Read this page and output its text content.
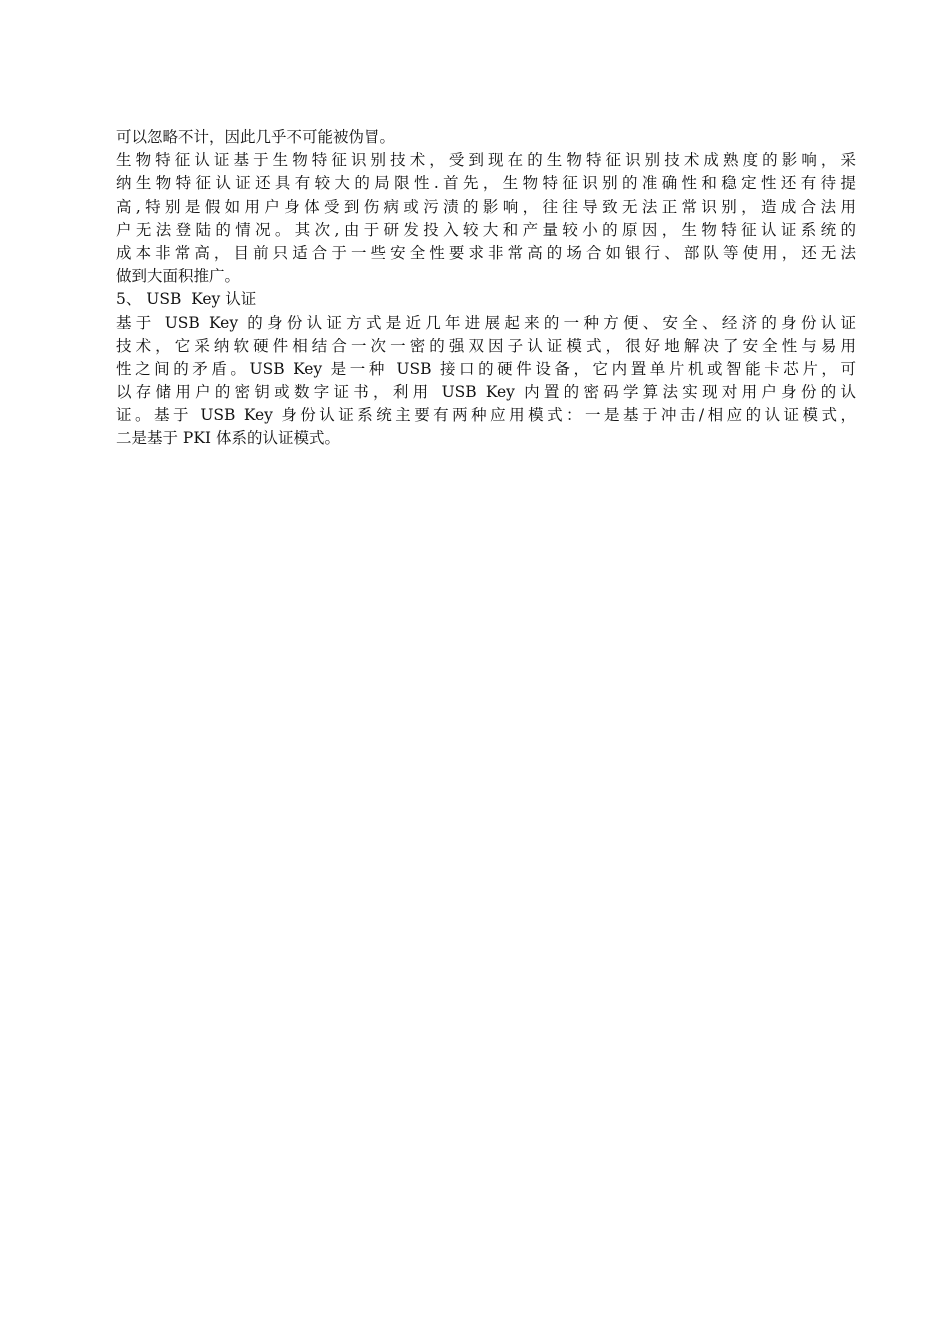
可以忽略不计，因此几乎不可能被伪冒。
生物特征认证基于生物特征识别技术，受到现在的生物特征识别技术成熟度的影响，采
纳生物特征认证还具有较大的局限性.首先，生物特征识别的准确性和稳定性还有待提
高,特别是假如用户身体受到伤病或污渍的影响，往往导致无法正常识别，造成合法用
户无法登陆的情况。其次,由于研发投入较大和产量较小的原因，生物特征认证系统的
成本非常高，目前只适合于一些安全性要求非常高的场合如银行、部队等使用，还无法
做到大面积推广。
5、 USB  Key 认证
基于 USB Key 的身份认证方式是近几年进展起来的一种方便、安全、经济的身份认证
技术，它采纳软硬件相结合一次一密的强双因子认证模式，很好地解决了安全性与易用
性之间的矛盾。USB Key 是一种 USB 接口的硬件设备，它内置单片机或智能卡芯片，可
以存储用户的密钥或数字证书，利用 USB Key 内置的密码学算法实现对用户身份的认
证。基于 USB Key 身份认证系统主要有两种应用模式：一是基于冲击/相应的认证模式，
二是基于 PKI 体系的认证模式。
